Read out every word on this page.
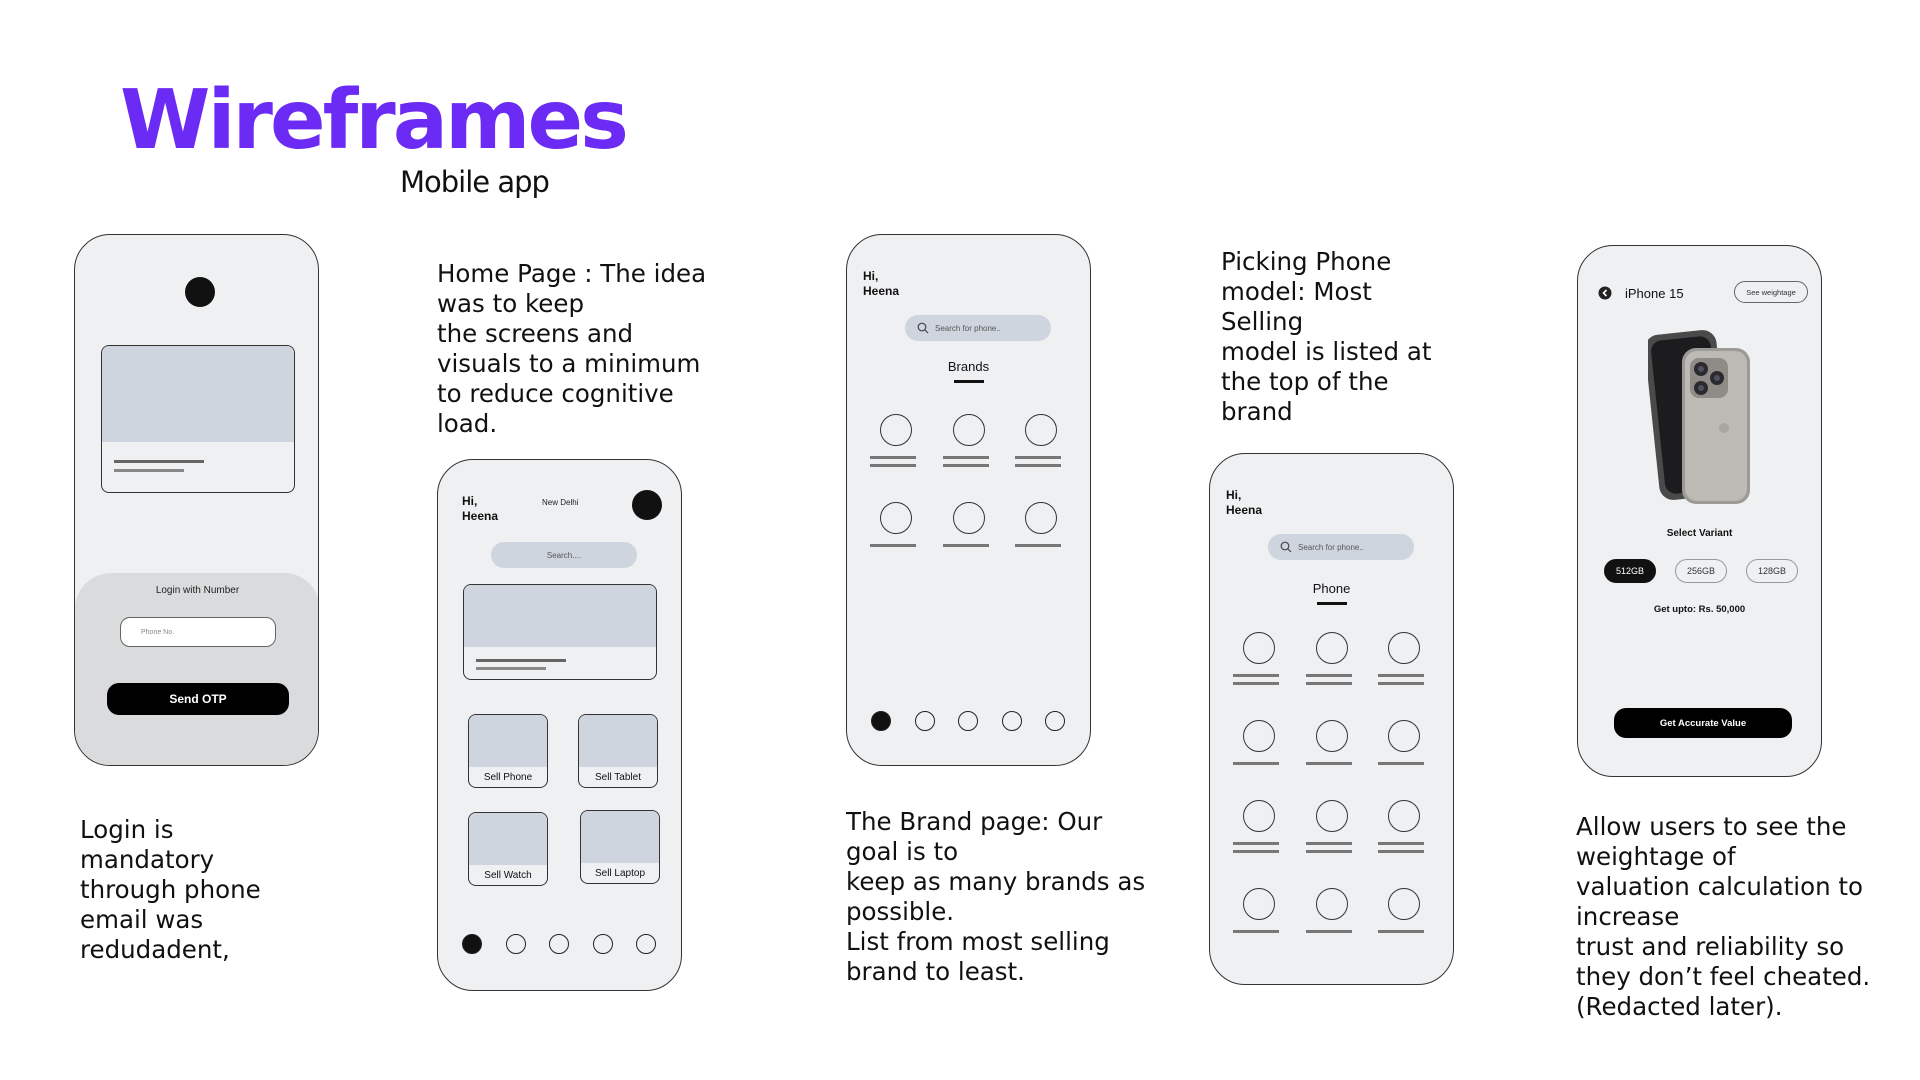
Wireframes
Mobile app
Login with Number
Phone No.
Send OTP
Login is
mandatory
through phone
email was
redudadent,
Home Page : The idea
was to keep
the screens and
visuals to a minimum
to reduce cognitive
load.
Hi,
Heena
New Delhi
Search....
Sell Phone	Sell Tablet
Sell Watch	Sell Laptop
Hi,
Heena
Search for phone..
Brands
The Brand page: Our
goal is to
keep as many brands as
possible.
List from most selling
brand to least.
Picking Phone
model: Most
Selling
model is listed at
the top of the
brand
Hi,
Heena
Search for phone..
Phone
iPhone 15	See weightage
Select Variant
512GB	256GB	128GB
Get upto: Rs. 50,000
Get Accurate Value
Allow users to see the
weightage of
valuation calculation to
increase
trust and reliability so
they don’t feel cheated.
(Redacted later).
